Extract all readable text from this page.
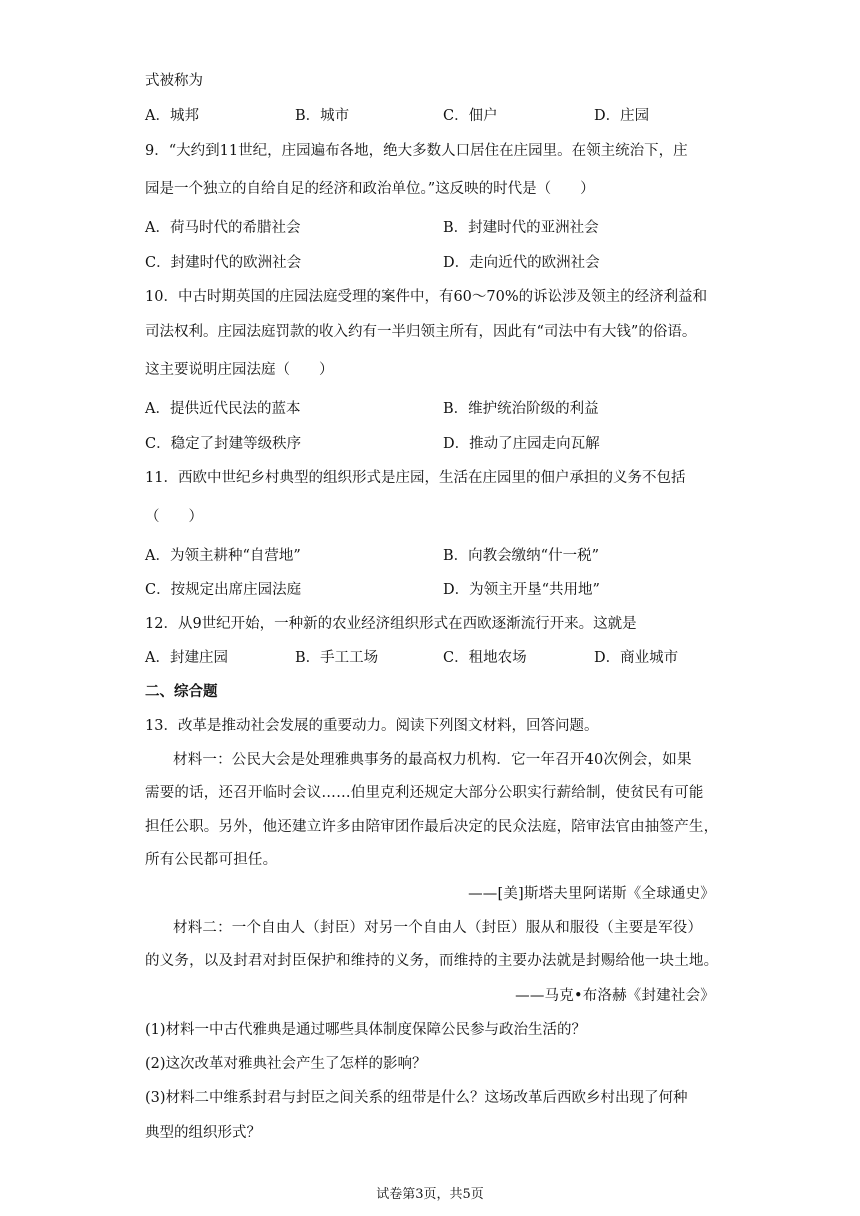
式被称为
A．城邦	B．城市	C．佃户	D．庄园
9．“大约到11世纪，庄园遍布各地，绝大多数人口居住在庄园里。在领主统治下，庄
园是一个独立的自给自足的经济和政治单位。”这反映的时代是（　　）
A．荷马时代的希腊社会	B．封建时代的亚洲社会
C．封建时代的欧洲社会	D．走向近代的欧洲社会
10．中古时期英国的庄园法庭受理的案件中，有60～70%的诉讼涉及领主的经济利益和
司法权利。庄园法庭罚款的收入约有一半归领主所有，因此有“司法中有大钱”的俗语。
这主要说明庄园法庭（　　）
A．提供近代民法的蓝本	B．维护统治阶级的利益
C．稳定了封建等级秩序	D．推动了庄园走向瓦解
11．西欧中世纪乡村典型的组织形式是庄园，生活在庄园里的佃户承担的义务不包括
（　　）
A．为领主耕种“自营地”	B．向教会缴纳“什一税”
C．按规定出席庄园法庭	D．为领主开垦“共用地”
12．从9世纪开始，一种新的农业经济组织形式在西欧逐渐流行开来。这就是
A．封建庄园	B．手工工场	C．租地农场	D．商业城市
二、综合题
13．改革是推动社会发展的重要动力。阅读下列图文材料，回答问题。
材料一：公民大会是处理雅典事务的最高权力机构．它一年召开40次例会，如果
需要的话，还召开临时会议……伯里克利还规定大部分公职实行薪给制，使贫民有可能
担任公职。另外，他还建立许多由陪审团作最后决定的民众法庭，陪审法官由抽签产生，
所有公民都可担任。
——[美]斯塔夫里阿诺斯《全球通史》
材料二：一个自由人（封臣）对另一个自由人（封臣）服从和服役（主要是军役）
的义务，以及封君对封臣保护和维持的义务，而维持的主要办法就是封赐给他一块土地。
——马克•布洛赫《封建社会》
(1)材料一中古代雅典是通过哪些具体制度保障公民参与政治生活的？
(2)这次改革对雅典社会产生了怎样的影响？
(3)材料二中维系封君与封臣之间关系的纽带是什么？这场改革后西欧乡村出现了何种
典型的组织形式？
试卷第3页，共5页
